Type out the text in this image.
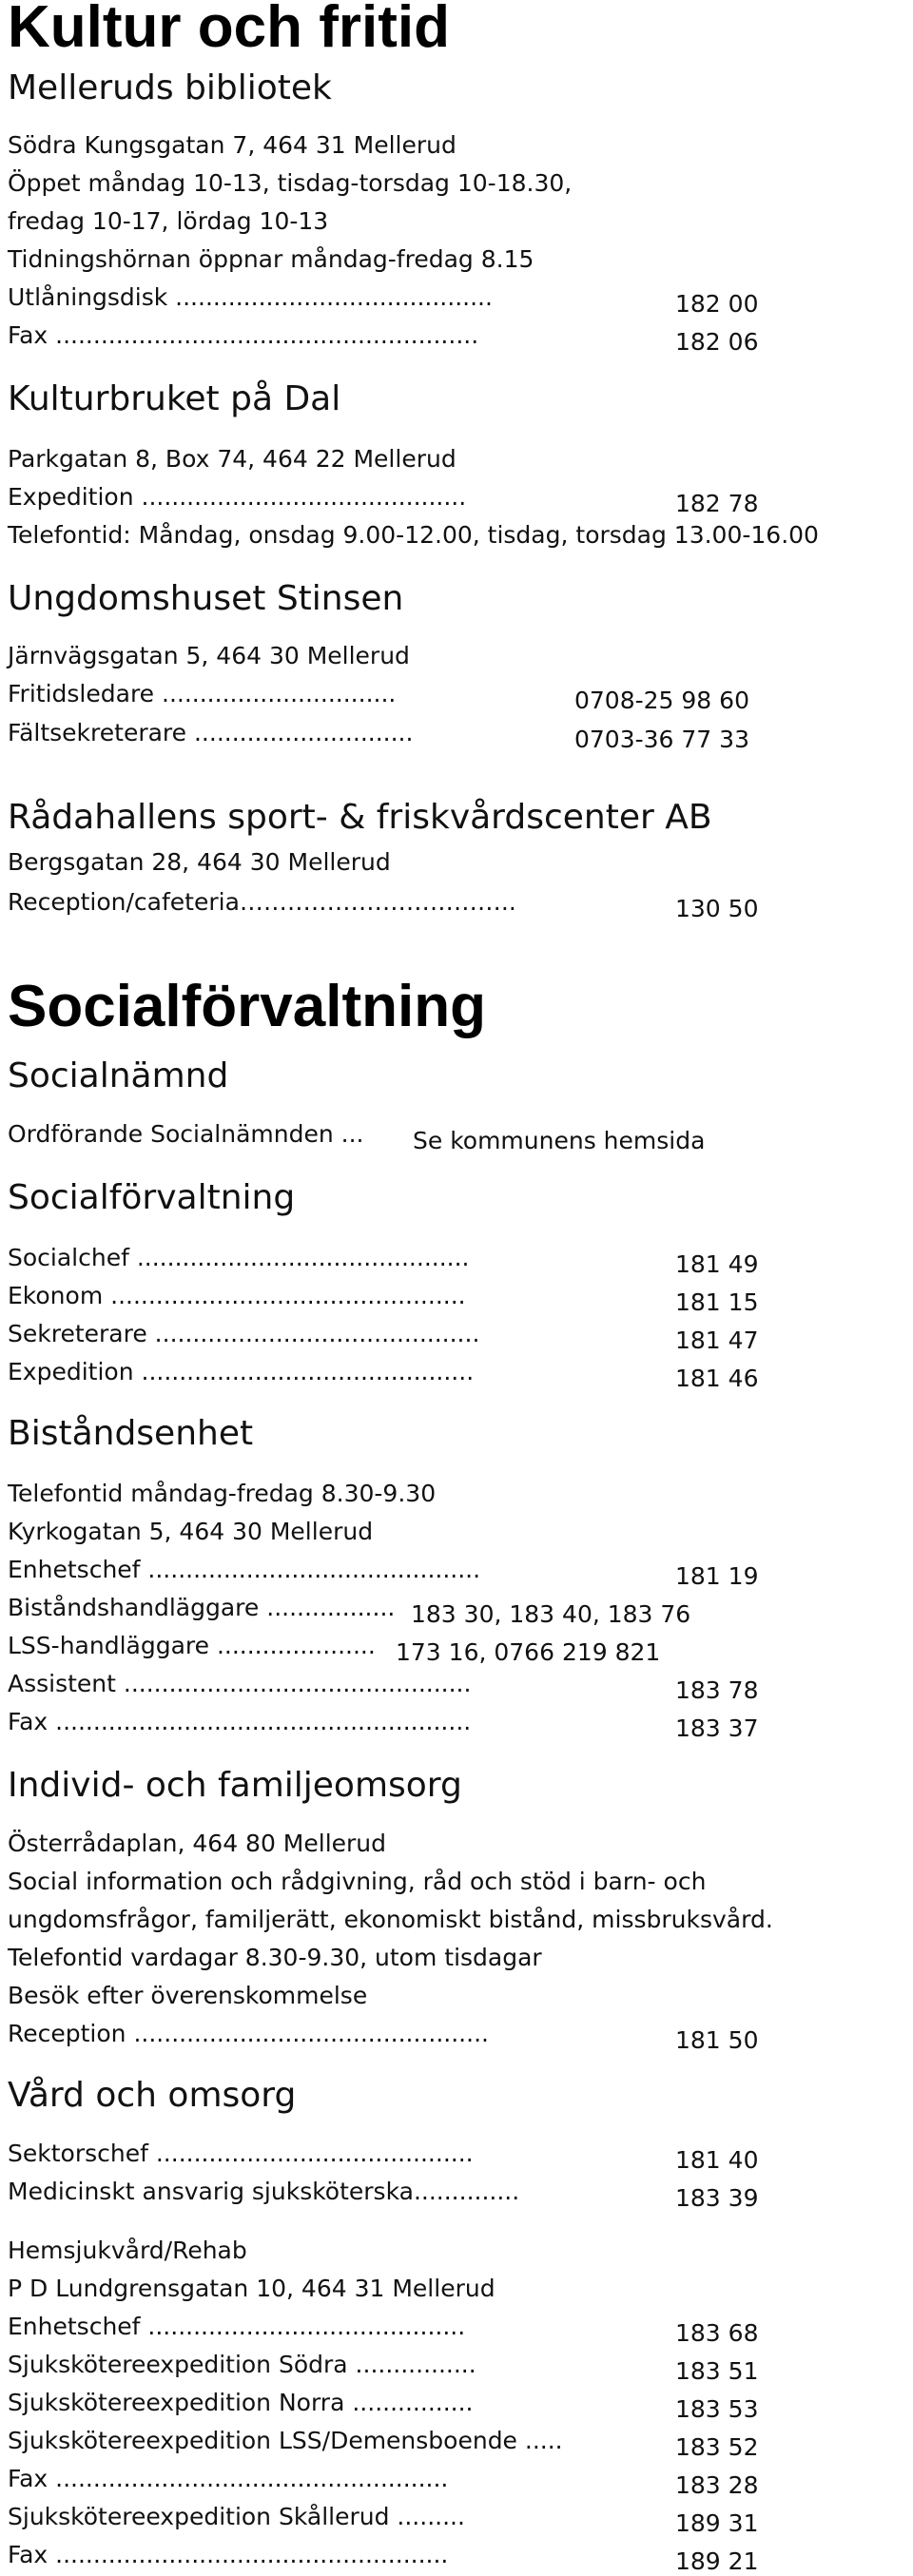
Kultur och fritid
Melleruds bibliotek
Södra Kungsgatan 7, 464 31 Mellerud
Öppet måndag 10-13, tisdag-torsdag 10-18.30,
fredag 10-17, lördag 10-13
Tidningshörnan öppnar måndag-fredag 8.15
Utlåningsdisk ..........................................	182 00
Fax ........................................................	182 06
Kulturbruket på Dal
Parkgatan 8, Box 74, 464 22 Mellerud
Expedition ...........................................	182 78
Telefontid: Måndag, onsdag 9.00-12.00, tisdag, torsdag 13.00-16.00
Ungdomshuset Stinsen
Järnvägsgatan 5, 464 30 Mellerud
Fritidsledare ...............................	0708-25 98 60
Fältsekreterare .............................	0703-36 77 33
Rådahallens sport- & friskvårdscenter AB
Bergsgatan 28, 464 30 Mellerud
Reception/cafeteria……………………………..	130 50
Socialförvaltning
Socialnämnd
Ordförande Socialnämnden ... Se kommunens hemsida
Socialförvaltning
Socialchef ............................................	181 49
Ekonom ...............................................	181 15
Sekreterare ...........................................	181 47
Expedition ............................................	181 46
Biståndsenhet
Telefontid måndag-fredag 8.30-9.30
Kyrkogatan 5, 464 30 Mellerud
Enhetschef ............................................	181 19
Biståndshandläggare ................. 183 30, 183 40, 183 76
LSS-handläggare ..................... 173 16, 0766 219 821
Assistent ..............................................	183 78
Fax .......................................................	183 37
Individ- och familjeomsorg
Österrådaplan, 464 80 Mellerud
Social information och rådgivning, råd och stöd i barn- och
ungdomsfrågor, familjerätt, ekonomiskt bistånd, missbruksvård.
Telefontid vardagar 8.30-9.30, utom tisdagar
Besök efter överenskommelse
Reception ...............................................	181 50
Vård och omsorg
Sektorschef ..........................................	181 40
Medicinskt ansvarig sjuksköterska..............	183 39
Hemsjukvård/Rehab
P D Lundgrensgatan 10, 464 31 Mellerud
Enhetschef ..........................................	183 68
Sjukskötereexpedition Södra ................	183 51
Sjukskötereexpedition Norra ................	183 53
Sjukskötereexpedition LSS/Demensboende .....	183 52
Fax ....................................................	183 28
Sjukskötereexpedition Skållerud .........	189 31
Fax ....................................................	189 21
